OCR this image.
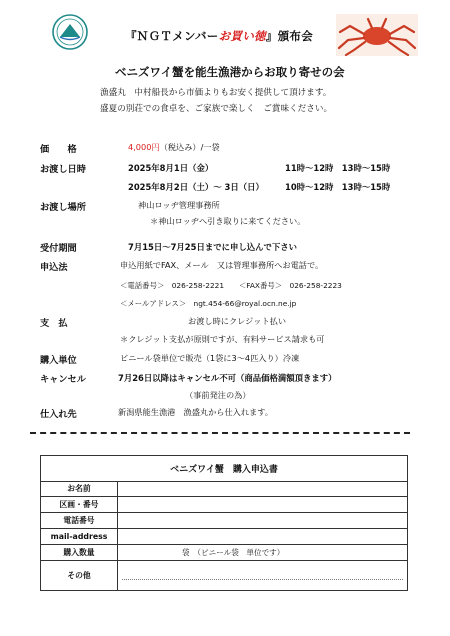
『ＮＧＴメンバーお買い徳』頒布会
ベニズワイ蟹を能生漁港からお取り寄せの会
漁盛丸　中村船長から市価よりもお安く提供して頂けます。
盛夏の別荘での食卓を、ご家族で楽しく　ご賞味ください。
価　　格	4,000円（税込み）/一袋
お渡し日時	2025年8月1日（金）	11時～12時　13時～15時
2025年8月2日（土）～ 3日（日）	10時～12時　13時～15時
お渡し場所	神山ロッヂ管理事務所
＊神山ロッヂへ引き取りに来てください。
受付期間	7月15日～7月25日までに申し込んで下さい
申込法	申込用紙でFAX、メール　又は管理事務所へお電話で。
＜電話番号＞　026-258-2221　　＜FAX番号＞　026-258-2223
＜メールアドレス＞　ngt.454-66@royal.ocn.ne.jp
支　払	お渡し時にクレジット払い
＊クレジット支払が原則ですが、有料サービス請求も可
購入単位	ビニール袋単位で販売（1袋に3～4匹入り）冷凍
キャンセル	7月26日以降はキャンセル不可（商品価格満額頂きます）
（事前発注の為）
仕入れ先	新潟県能生漁港　漁盛丸から仕入れます。
ベニズワイ蟹　購入申込書	
お名前	
区画・番号	
電話番号	
mail-address	
購入数量	袋　（ビニール袋　単位です）
その他	
